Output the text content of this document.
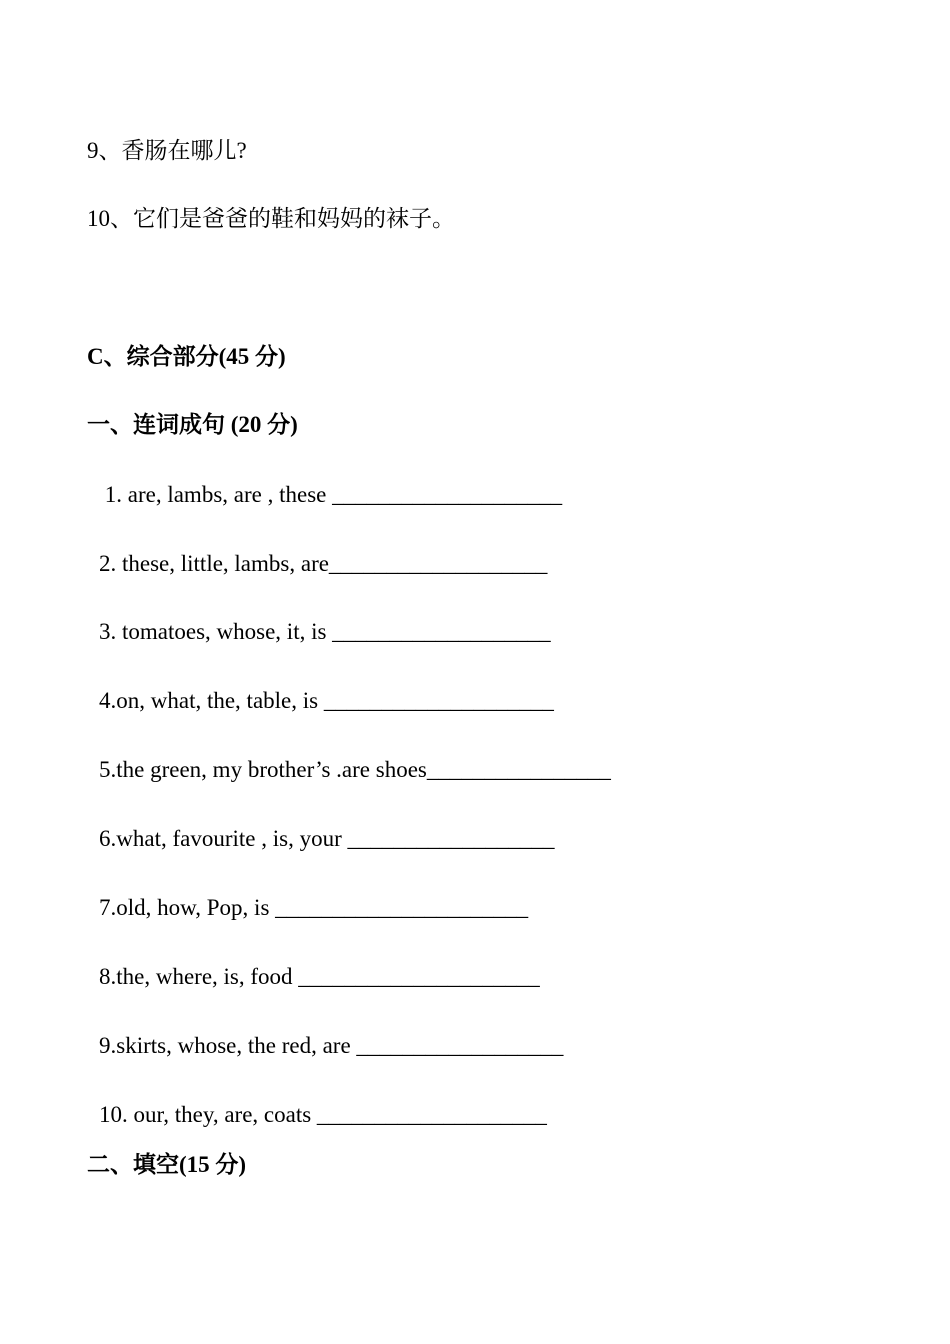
9、香肠在哪儿?
10、它们是爸爸的鞋和妈妈的袜子。
C、综合部分(45 分)
一、连词成句 (20 分)
1. are, lambs, are , these ____________________
2. these, little, lambs, are___________________
3. tomatoes, whose, it, is ___________________
4.on, what, the, table, is ____________________
5.the green, my brother’s .are shoes________________
6.what, favourite , is, your __________________
7.old, how, Pop, is ______________________
8.the, where, is, food _____________________
9.skirts, whose, the red, are __________________
10. our, they, are, coats ____________________
二、填空(15 分)
